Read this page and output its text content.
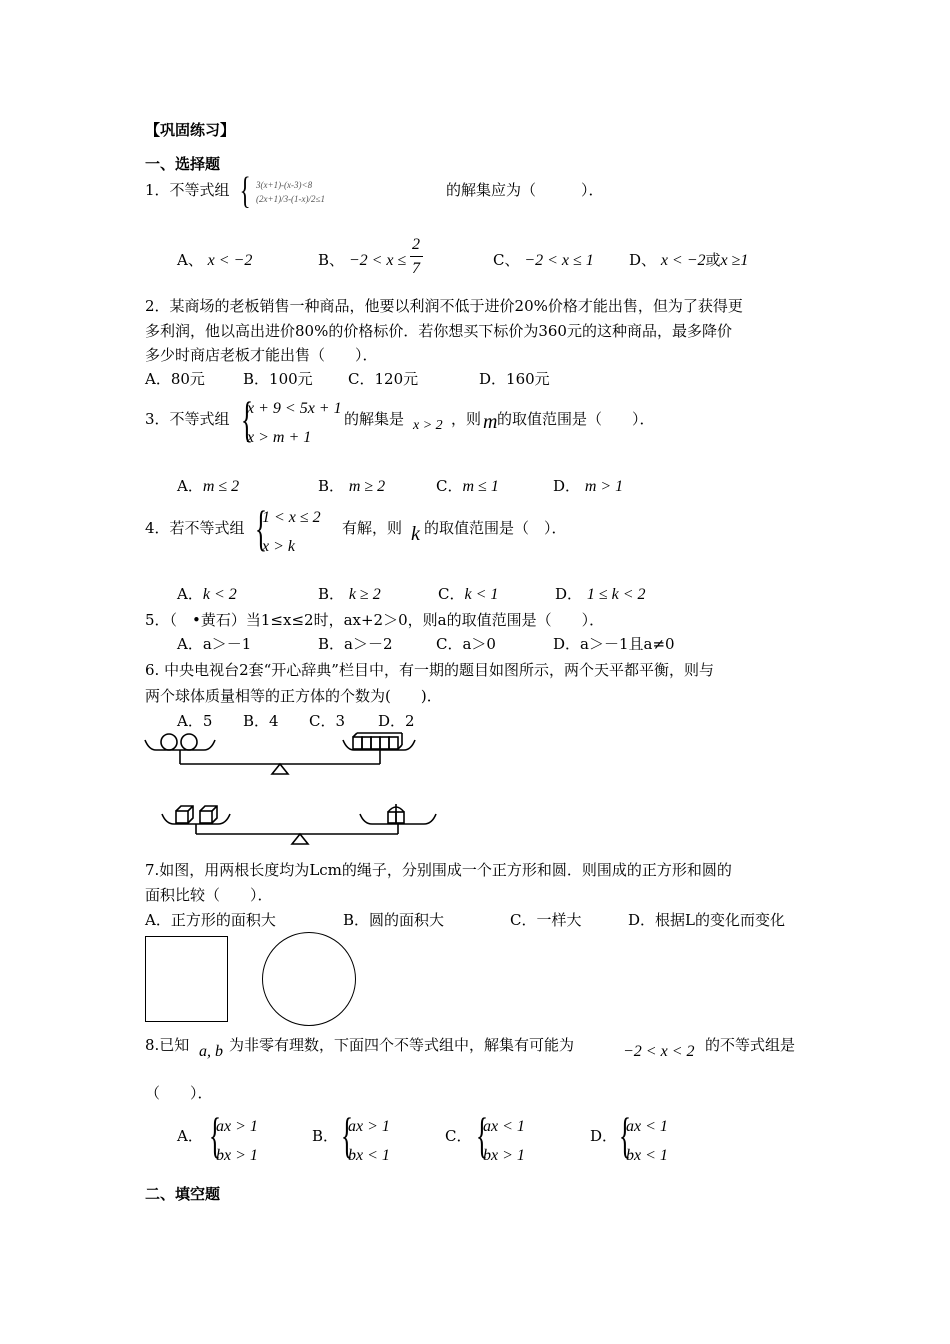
【巩固练习】
一、选择题
1．不等式组 { 3(x+1)-(x-3)<8
(2x+1)/3-(1-x)/2≤1	的解集应为（　　　）．
A、 x < −2	B、 −2 < x ≤
2
7	C、 −2 < x ≤ 1 D、 x < −2或x ≥1
2．某商场的老板销售一种商品，他要以利润不低于进价20%价格才能出售，但为了获得更
多利润，他以高出进价80%的价格标价．若你想买下标价为360元的这种商品，最多降价
多少时商店老板才能出售（　　）．
A．80元	B．100元 C．120元	D．160元
3．不等式组 {
x + 9 < 5x + 1
x > m + 1
的解集是 x > 2 ，则 m 的取值范围是（　　）．
A．m ≤ 2	B． m ≥ 2	C．m ≤ 1	D． m > 1
4．若不等式组 {
1 < x ≤ 2
x > k
有解，则 k 的取值范围是（　）．
A．k < 2	B． k ≥ 2	C．k < 1	D． 1 ≤ k < 2
5．（　•黄石）当1≤x≤2时，ax+2＞0，则a的取值范围是（　　）．
A．a＞－1	B．a＞－2	C．a＞0	D．a＞－1且a≠0
6. 中央电视台2套“开心辞典”栏目中，有一期的题目如图所示，两个天平都平衡，则与
两个球体质量相等的正方体的个数为(　　)．
A．5 B．4 C．3 D．2
7.如图，用两根长度均为Lcm的绳子，分别围成一个正方形和圆．则围成的正方形和圆的
面积比较（　　）．
A．正方形的面积大	B．圆的面积大	C．一样大	D．根据L的变化而变化
8.已知 a, b 为非零有理数，下面四个不等式组中，解集有可能为	−2 < x < 2 的不等式组是
（　　）．
A． {
ax > 1
bx > 1
B． {
ax > 1
bx < 1
C． {
ax < 1
bx > 1
D． {
ax < 1
bx < 1
二、填空题
